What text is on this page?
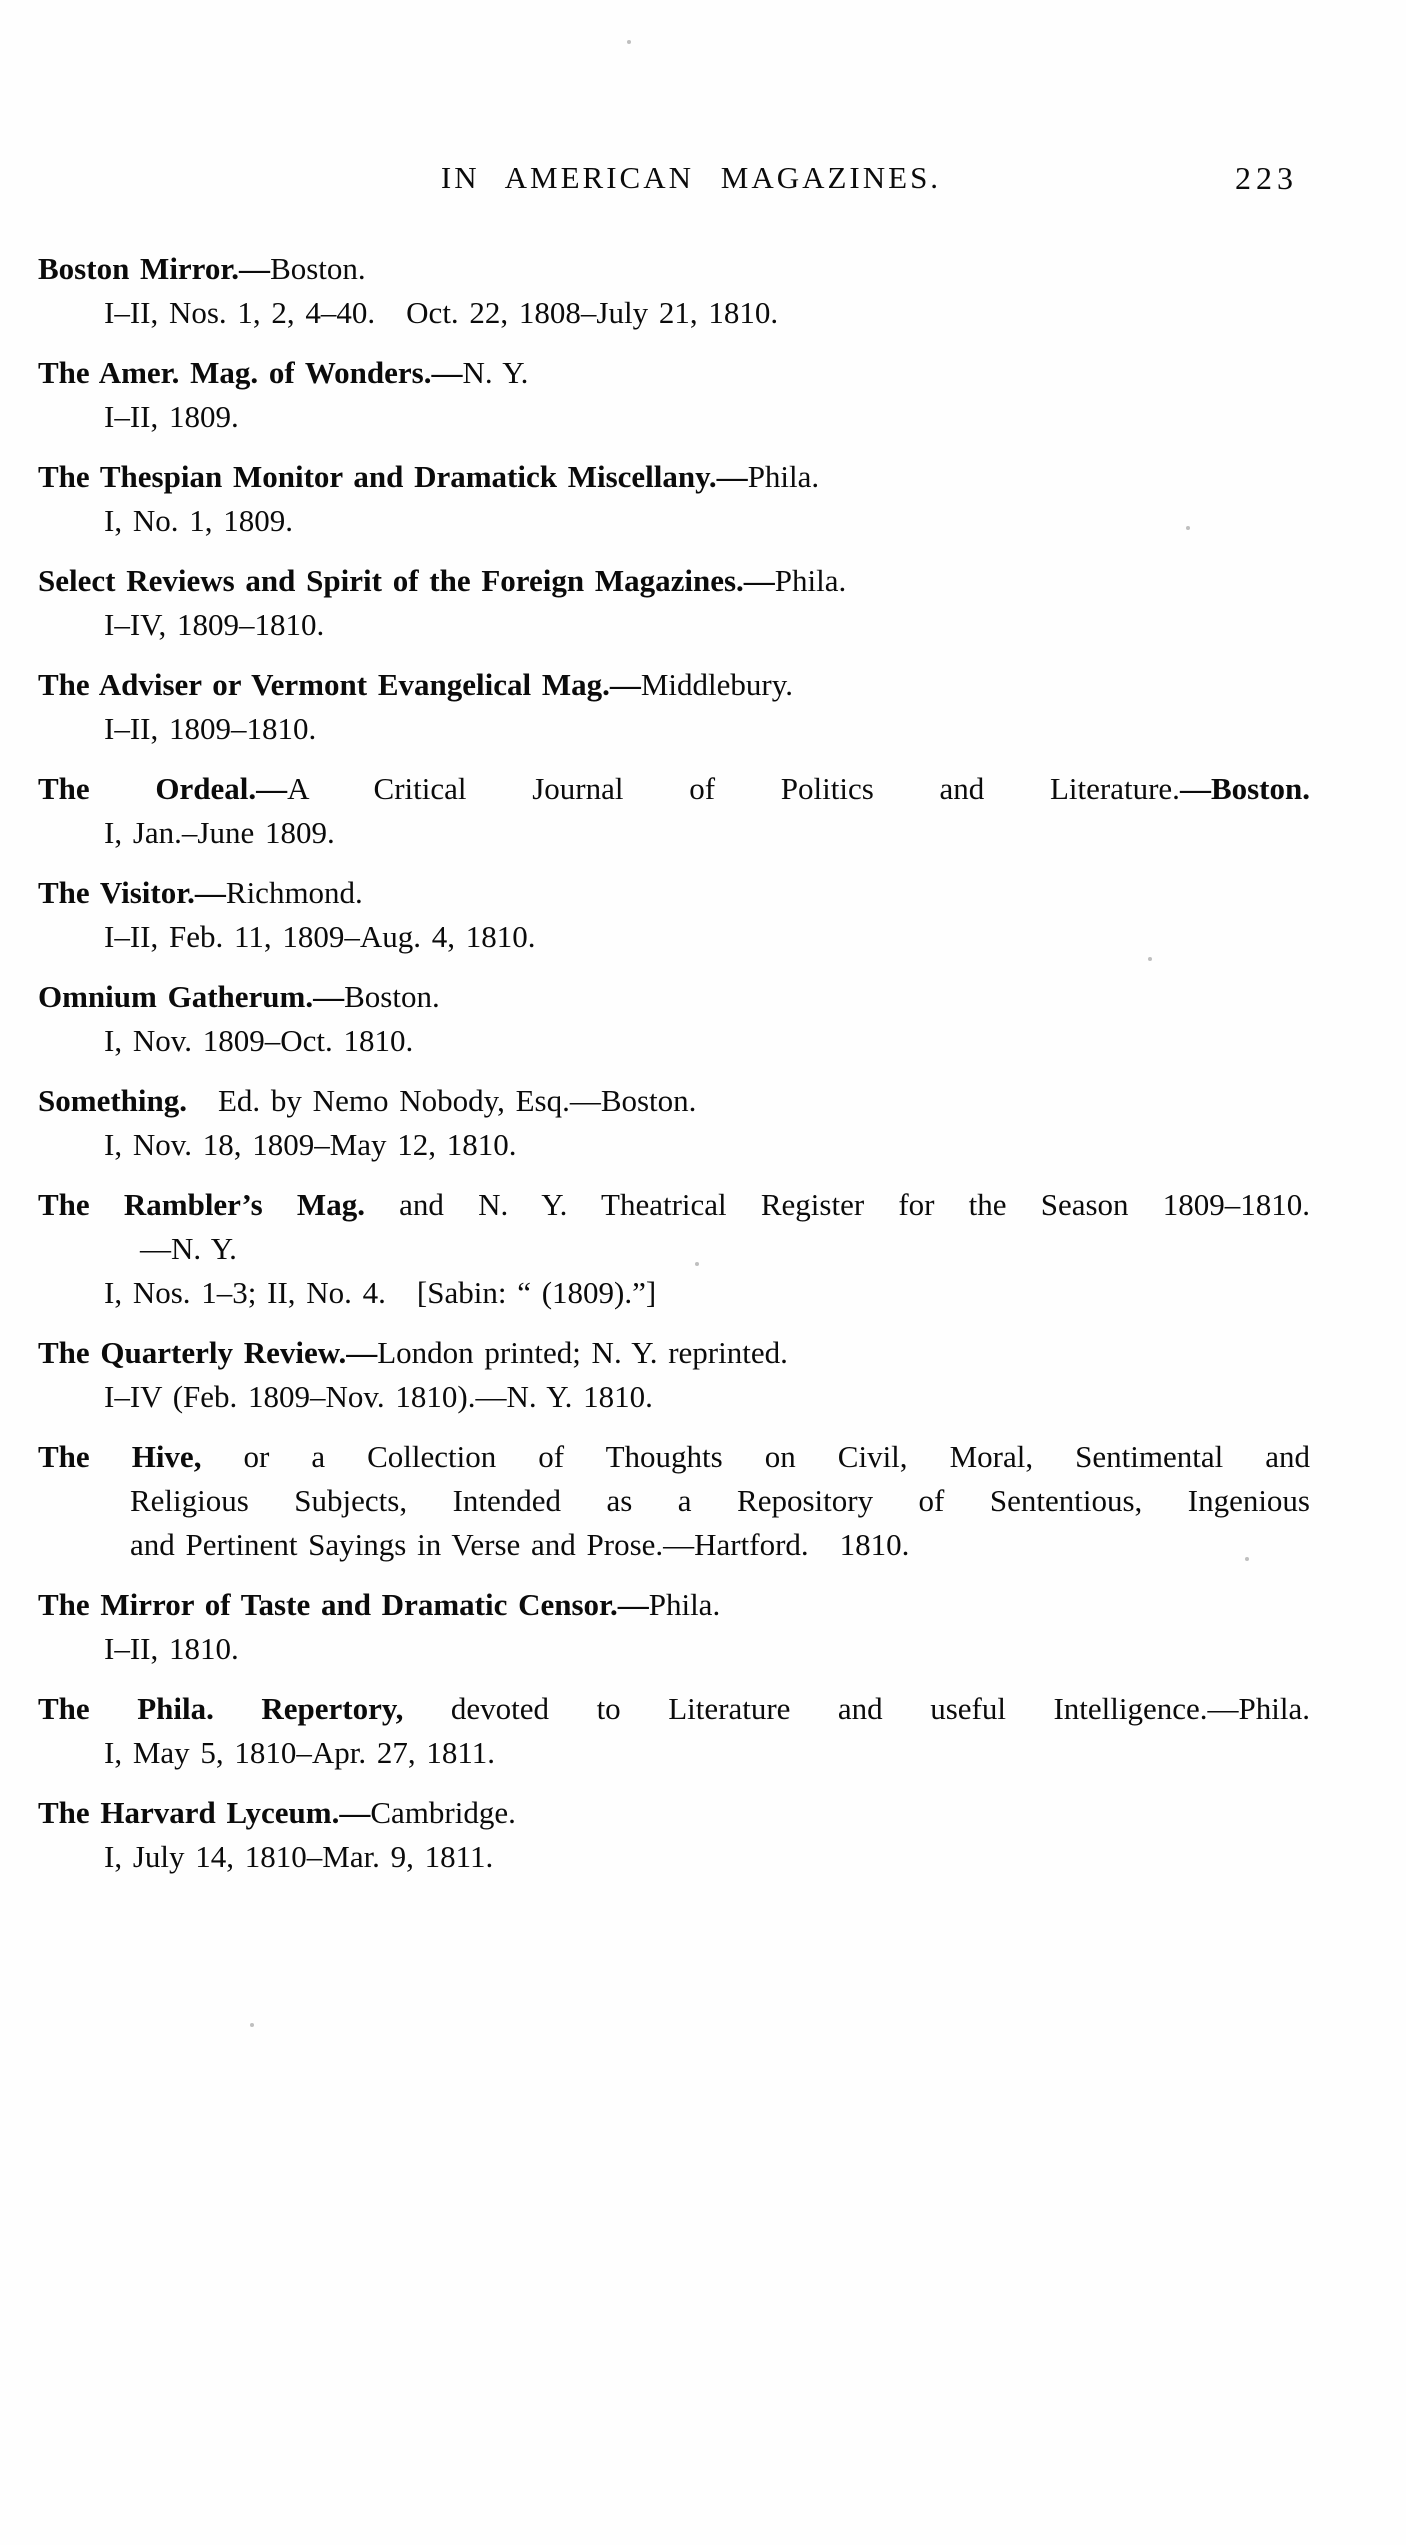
IN AMERICAN MAGAZINES.	223
Boston Mirror.—Boston.
I–II, Nos. 1, 2, 4–40. Oct. 22, 1808–July 21, 1810.
The Amer. Mag. of Wonders.—N. Y.
I–II, 1809.
The Thespian Monitor and Dramatick Miscellany.—Phila.
I, No. 1, 1809.
Select Reviews and Spirit of the Foreign Magazines.—Phila.
I–IV, 1809–1810.
The Adviser or Vermont Evangelical Mag.—Middlebury.
I–II, 1809–1810.
The Ordeal.—A Critical Journal of Politics and Literature.—Boston.
I, Jan.–June 1809.
The Visitor.—Richmond.
I–II, Feb. 11, 1809–Aug. 4, 1810.
Omnium Gatherum.—Boston.
I, Nov. 1809–Oct. 1810.
Something. Ed. by Nemo Nobody, Esq.—Boston.
I, Nov. 18, 1809–May 12, 1810.
The Rambler’s Mag. and N. Y. Theatrical Register for the Season 1809–1810.
—N. Y.
I, Nos. 1–3; II, No. 4. [Sabin: “ (1809).”]
The Quarterly Review.—London printed; N. Y. reprinted.
I–IV (Feb. 1809–Nov. 1810).—N. Y. 1810.
The Hive, or a Collection of Thoughts on Civil, Moral, Sentimental and
Religious Subjects, Intended as a Repository of Sententious, Ingenious
and Pertinent Sayings in Verse and Prose.—Hartford. 1810.
The Mirror of Taste and Dramatic Censor.—Phila.
I–II, 1810.
The Phila. Repertory, devoted to Literature and useful Intelligence.—Phila.
I, May 5, 1810–Apr. 27, 1811.
The Harvard Lyceum.—Cambridge.
I, July 14, 1810–Mar. 9, 1811.
